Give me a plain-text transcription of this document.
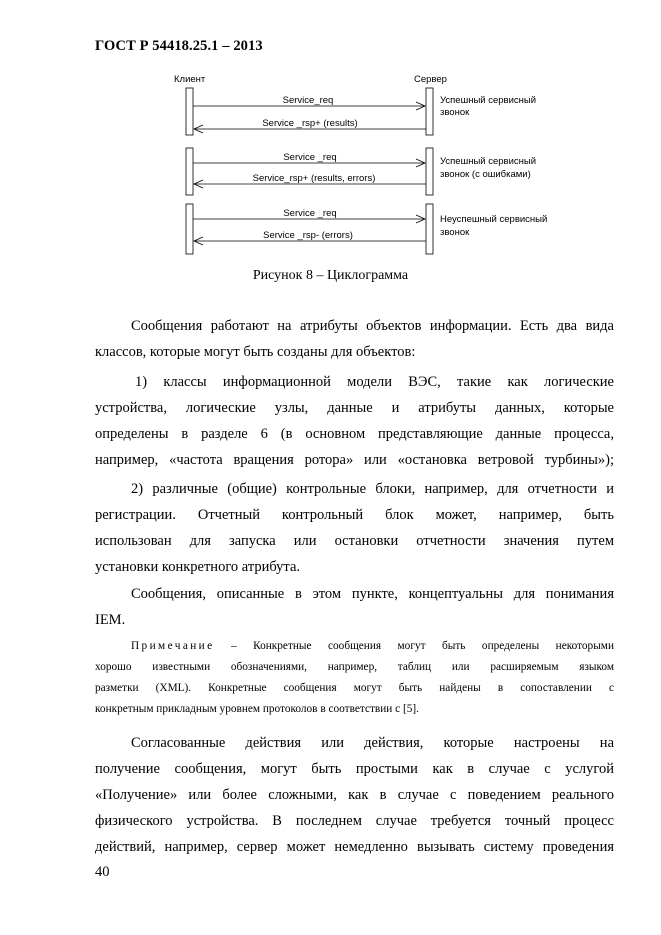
ГОСТ Р 54418.25.1 – 2013
Клиент	Сервер
Service_req
Service _rsp+ (results)
Успешный сервисный
звонок
Service _req
Service_rsp+ (results, errors)
Успешный сервисный
звонок (с ошибками)
Service _req
Service _rsp- (errors)
Неуспешный сервисный
звонок
Рисунок 8 – Циклограмма
Сообщения работают на атрибуты объектов информации. Есть два вида
классов, которые могут быть созданы для объектов:
1) классы информационной модели ВЭС, такие как логические
устройства, логические узлы, данные и атрибуты данных, которые
определены в разделе 6 (в основном представляющие данные процесса,
например, «частота вращения ротора» или «остановка ветровой турбины»);
2) различные (общие) контрольные блоки, например, для отчетности и
регистрации. Отчетный контрольный блок может, например, быть
использован для запуска или остановки отчетности значения путем
установки конкретного атрибута.
Сообщения, описанные в этом пункте, концептуальны для понимания
IEM.
Примечание – Конкретные сообщения могут быть определены некоторыми
хорошо известными обозначениями, например, таблиц или расширяемым языком
разметки (XML). Конкретные сообщения могут быть найдены в сопоставлении с
конкретным прикладным уровнем протоколов в соответствии с [5].
Согласованные действия или действия, которые настроены на
получение сообщения, могут быть простыми как в случае с услугой
«Получение» или более сложными, как в случае с поведением реального
физического устройства. В последнем случае требуется точный процесс
действий, например, сервер может немедленно вызывать систему проведения
40
